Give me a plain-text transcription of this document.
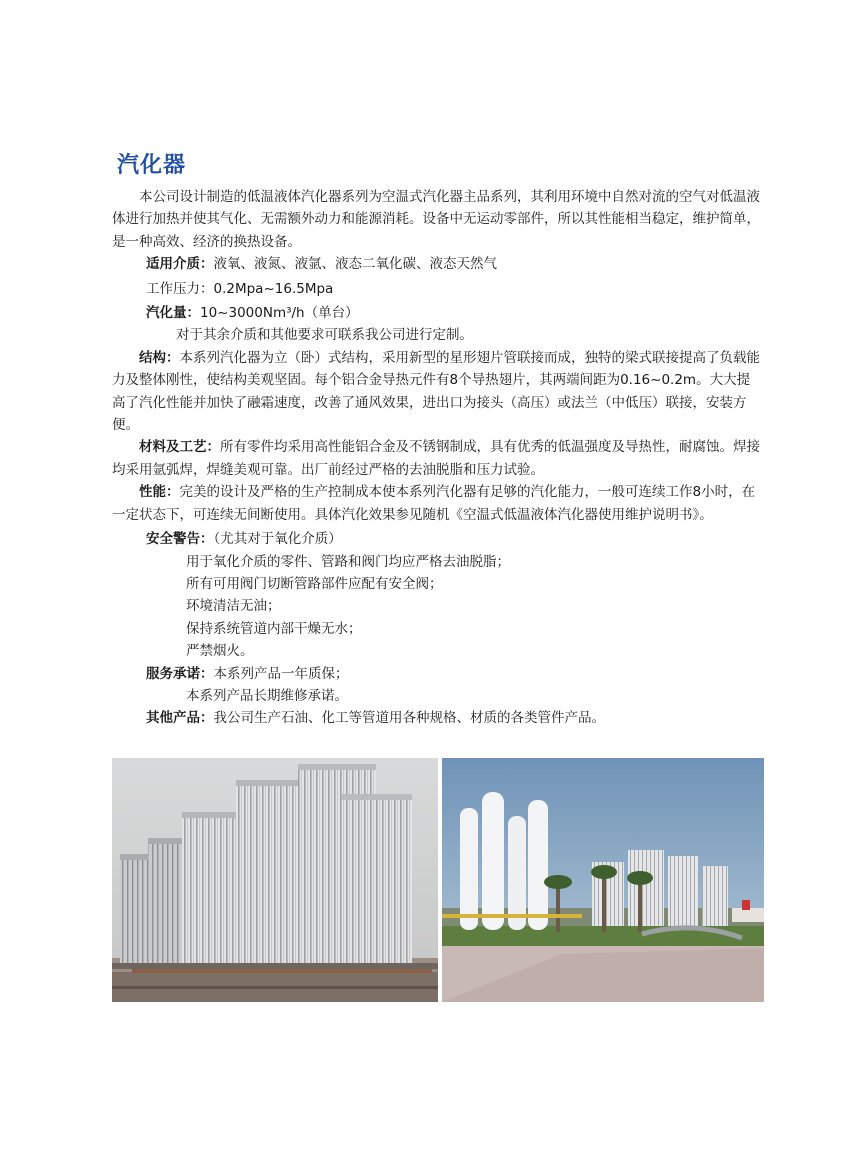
汽化器

本公司设计制造的低温液体汽化器系列为空温式汽化器主品系列，其利用环境中自然对流的空气对低温液体进行加热并使其气化、无需额外动力和能源消耗。设备中无运动零部件，所以其性能相当稳定，维护简单，是一种高效、经济的换热设备。

适用介质：液氧、液氮、液氩、液态二氧化碳、液态天然气

工作压力：0.2Mpa~16.5Mpa

汽化量：10~3000Nm³/h（单台）

对于其余介质和其他要求可联系我公司进行定制。

结构：本系列汽化器为立（卧）式结构，采用新型的星形翅片管联接而成，独特的梁式联接提高了负载能力及整体刚性，使结构美观坚固。每个铝合金导热元件有8个导热翅片，其两端间距为0.16~0.2m。大大提高了汽化性能并加快了融霜速度，改善了通风效果，进出口为接头（高压）或法兰（中低压）联接，安装方便。

材料及工艺：所有零件均采用高性能铝合金及不锈钢制成，具有优秀的低温强度及导热性，耐腐蚀。焊接均采用氩弧焊，焊缝美观可靠。出厂前经过严格的去油脱脂和压力试验。

性能：完美的设计及严格的生产控制成本使本系列汽化器有足够的汽化能力，一般可连续工作8小时，在一定状态下，可连续无间断使用。具体汽化效果参见随机《空温式低温液体汽化器使用维护说明书》。

安全警告：（尤其对于氧化介质）

用于氧化介质的零件、管路和阀门均应严格去油脱脂；

所有可用阀门切断管路部件应配有安全阀；

环境清洁无油；

保持系统管道内部干燥无水；

严禁烟火。

服务承诺：本系列产品一年质保；

本系列产品长期维修承诺。

其他产品：我公司生产石油、化工等管道用各种规格、材质的各类管件产品。
